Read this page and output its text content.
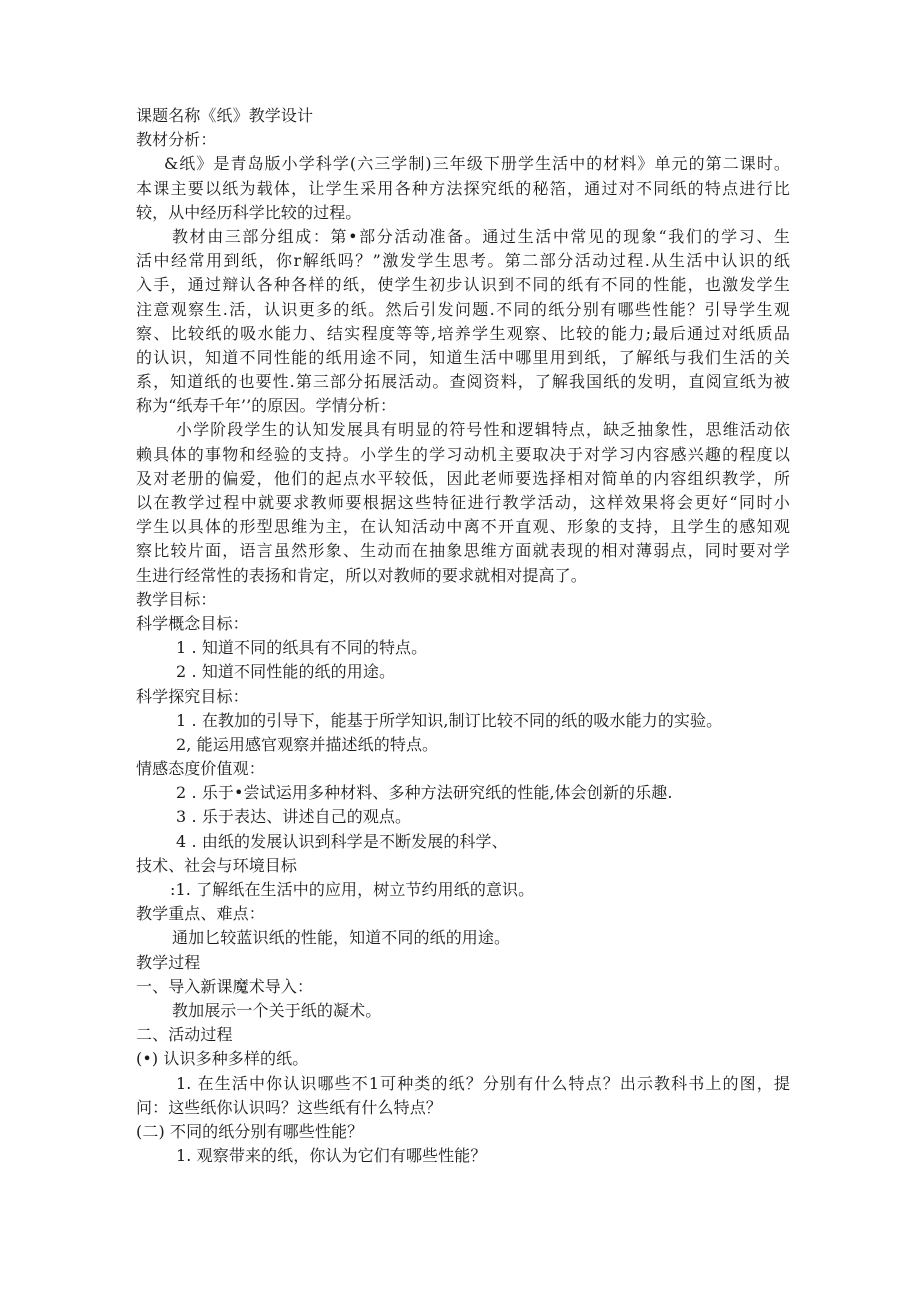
课题名称《纸》教学设计
教材分析：
&纸》是青岛版小学科学(六三学制)三年级下册学生活中的材料》单元的第二课时。
本课主要以纸为载体，让学生采用各种方法探究纸的秘箔，通过对不同纸的特点进行比
较，从中经历科学比较的过程。
教材由三部分组成：第•部分活动准备。通过生活中常见的现象“我们的学习、生
活中经常用到纸，你r解纸吗？”激发学生思考。第二部分活动过程.从生活中认识的纸
入手，通过辩认各种各样的纸，使学生初步认识到不同的纸有不同的性能，也激发学生
注意观察生.活，认识更多的纸。然后引发问题.不同的纸分别有哪些性能？引导学生观
察、比较纸的吸水能力、结实程度等等,培养学生观察、比较的能力;最后通过对纸质品
的认识，知道不同性能的纸用途不同，知道生活中哪里用到纸，了解纸与我们生活的关
系，知道纸的也要性.第三部分拓展活动。查阅资料，了解我国纸的发明，直阅宣纸为被
称为“纸寿千年’’的原因。学情分析：
小学阶段学生的认知发展具有明显的符号性和逻辑特点，缺乏抽象性，思维活动依
赖具体的事物和经验的支持。小学生的学习动机主要取决于对学习内容感兴趣的程度以
及对老册的偏爱，他们的起点水平较低，因此老师要选择相对简单的内容组织教学，所
以在教学过程中就要求教师要根据这些特征进行教学活动，这样效果将会更好“同时小
学生以具体的形型思维为主，在认知活动中离不开直观、形象的支持，且学生的感知观
察比较片面，语言虽然形象、生动而在抽象思维方面就表现的相对薄弱点，同时要对学
生进行经常性的表扬和肯定，所以对教师的要求就相对提高了。
教学目标：
科学概念目标：
1 . 知道不同的纸具有不同的特点。
2 . 知道不同性能的纸的用途。
科学探究目标：
1 . 在教加的引导下，能基于所学知识,制订比较不同的纸的吸水能力的实验。
2, 能运用感官观察并描述纸的特点。
情感态度价值观：
2 . 乐于•尝试运用多种材料、多种方法研究纸的性能,体会创新的乐趣.
3 . 乐于表达、讲述自己的观点。
4 . 由纸的发展认识到科学是不断发展的科学、
技术、社会与环境目标
:1. 了解纸在生活中的应用，树立节约用纸的意识。
教学重点、难点：
通加匕较蓝识纸的性能，知道不同的纸的用途。
教学过程
一、导入新课魔术导入：
教加展示一个关于纸的凝术。
二、活动过程
(•) 认识多种多样的纸。
1. 在生活中你认识哪些不1可种类的纸？分别有什么特点？出示教科书上的图，提
问：这些纸你认识吗？这些纸有什么特点？
(二) 不同的纸分别有哪些性能？
1. 观察带来的纸，你认为它们有哪些性能？
